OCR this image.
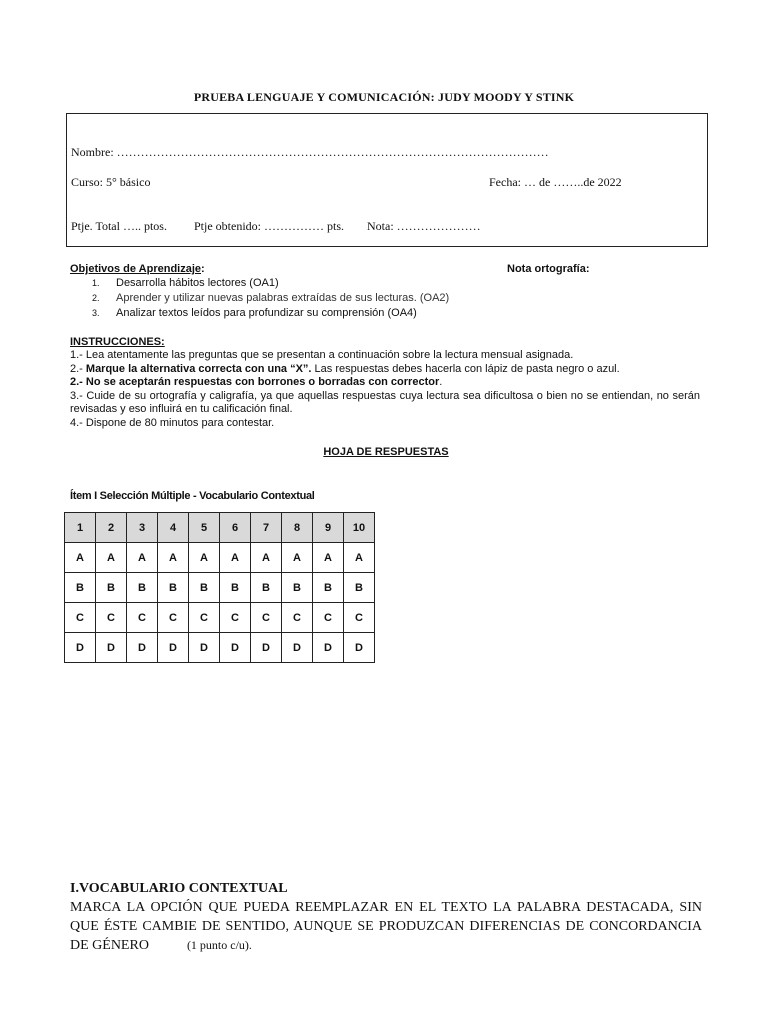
PRUEBA LENGUAJE Y COMUNICACIÓN: JUDY MOODY Y STINK
Nombre: ………………………………………………………………………………………………
Curso: 5° básico	Fecha: … de ……..de 2022
Ptje. Total ….. ptos. Ptje obtenido: …………… pts. Nota: …………………
Objetivos de Aprendizaje:	Nota ortografía:
1.	Desarrolla hábitos lectores (OA1)
2.	Aprender y utilizar nuevas palabras extraídas de sus lecturas. (OA2)
3.	Analizar textos leídos para profundizar su comprensión (OA4)
INSTRUCCIONES:

1.- Lea atentamente las preguntas que se presentan a continuación sobre la lectura mensual asignada.

2.- Marque la alternativa correcta con una “X”. Las respuestas debes hacerla con lápiz de pasta negro o azul.

2.- No se aceptarán respuestas con borrones o borradas con corrector.

3.- Cuide de su ortografía y caligrafía, ya que aquellas respuestas cuya lectura sea dificultosa o bien no se entiendan, no serán revisadas y eso influirá en tu calificación final.

4.- Dispone de 80 minutos para contestar.

HOJA DE RESPUESTAS
Ítem I Selección Múltiple - Vocabulario Contextual
1	2	3	4	5	6	7	8	9	10
A	A	A	A	A	A	A	A	A	A
B	B	B	B	B	B	B	B	B	B
C	C	C	C	C	C	C	C	C	C
D	D	D	D	D	D	D	D	D	D
I.VOCABULARIO CONTEXTUAL
MARCA LA OPCIÓN QUE PUEDA REEMPLAZAR EN EL TEXTO LA PALABRA DESTACADA, SIN QUE ÉSTE CAMBIE DE SENTIDO, AUNQUE SE PRODUZCAN DIFERENCIAS DE CONCORDANCIA DE GÉNERO	(1 punto c/u).
